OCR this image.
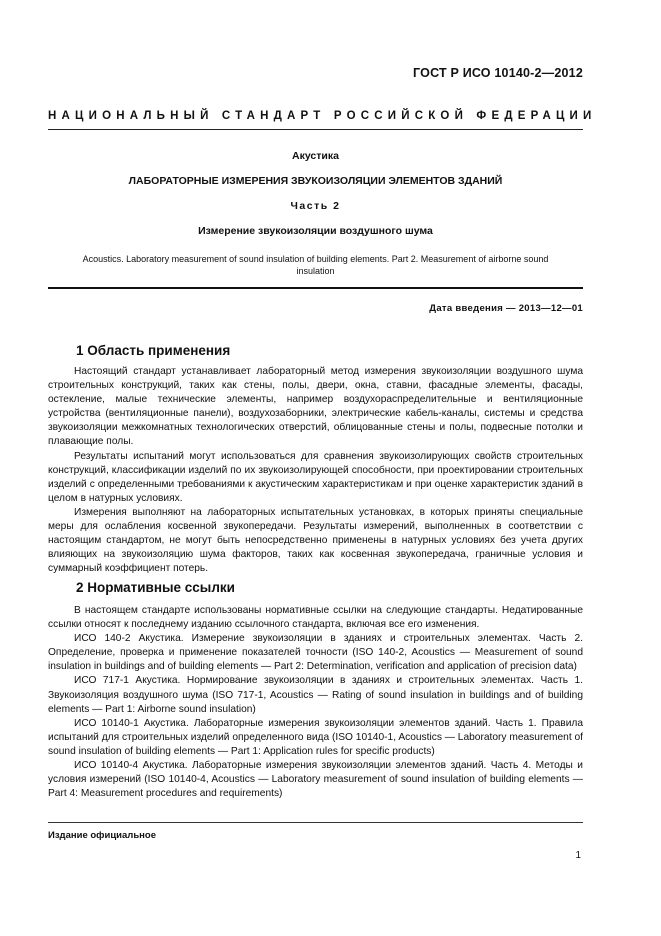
ГОСТ Р ИСО 10140-2—2012
НАЦИОНАЛЬНЫЙ СТАНДАРТ РОССИЙСКОЙ ФЕДЕРАЦИИ
Акустика
ЛАБОРАТОРНЫЕ ИЗМЕРЕНИЯ ЗВУКОИЗОЛЯЦИИ ЭЛЕМЕНТОВ ЗДАНИЙ
Часть 2
Измерение звукоизоляции воздушного шума
Acoustics. Laboratory measurement of sound insulation of building elements. Part 2. Measurement of airborne sound insulation
Дата введения — 2013—12—01
1 Область применения

Настоящий стандарт устанавливает лабораторный метод измерения звукоизоляции воздушного шума строительных конструкций, таких как стены, полы, двери, окна, ставни, фасадные элементы, фасады, остекление, малые технические элементы, например воздухораспределительные и вентиляционные устройства (вентиляционные панели), воздухозаборники, электрические кабель-каналы, системы и средства звукоизоляции межкомнатных технологических отверстий, облицованные стены и полы, подвесные потолки и плавающие полы.

Результаты испытаний могут использоваться для сравнения звукоизолирующих свойств строительных конструкций, классификации изделий по их звукоизолирующей способности, при проектировании строительных изделий с определенными требованиями к акустическим характеристикам и при оценке характеристик зданий в целом в натурных условиях.

Измерения выполняют на лабораторных испытательных установках, в которых приняты специальные меры для ослабления косвенной звукопередачи. Результаты измерений, выполненных в соответствии с настоящим стандартом, не могут быть непосредственно применены в натурных условиях без учета других влияющих на звукоизоляцию шума факторов, таких как косвенная звукопередача, граничные условия и суммарный коэффициент потерь.

2 Нормативные ссылки

В настоящем стандарте использованы нормативные ссылки на следующие стандарты. Недатированные ссылки относят к последнему изданию ссылочного стандарта, включая все его изменения.

ИСО 140-2 Акустика. Измерение звукоизоляции в зданиях и строительных элементах. Часть 2. Определение, проверка и применение показателей точности (ISO 140-2, Acoustics — Measurement of sound insulation in buildings and of building elements — Part 2: Determination, verification and application of precision data)

ИСО 717-1 Акустика. Нормирование звукоизоляции в зданиях и строительных элементах. Часть 1. Звукоизоляция воздушного шума (ISO 717-1, Acoustics — Rating of sound insulation in buildings and of building elements — Part 1: Airborne sound insulation)

ИСО 10140-1 Акустика. Лабораторные измерения звукоизоляции элементов зданий. Часть 1. Правила испытаний для строительных изделий определенного вида (ISO 10140-1, Acoustics — Laboratory measurement of sound insulation of building elements — Part 1: Application rules for specific products)

ИСО 10140-4 Акустика. Лабораторные измерения звукоизоляции элементов зданий. Часть 4. Методы и условия измерений (ISO 10140-4, Acoustics — Laboratory measurement of sound insulation of building elements — Part 4: Measurement procedures and requirements)

Издание официальное
1
